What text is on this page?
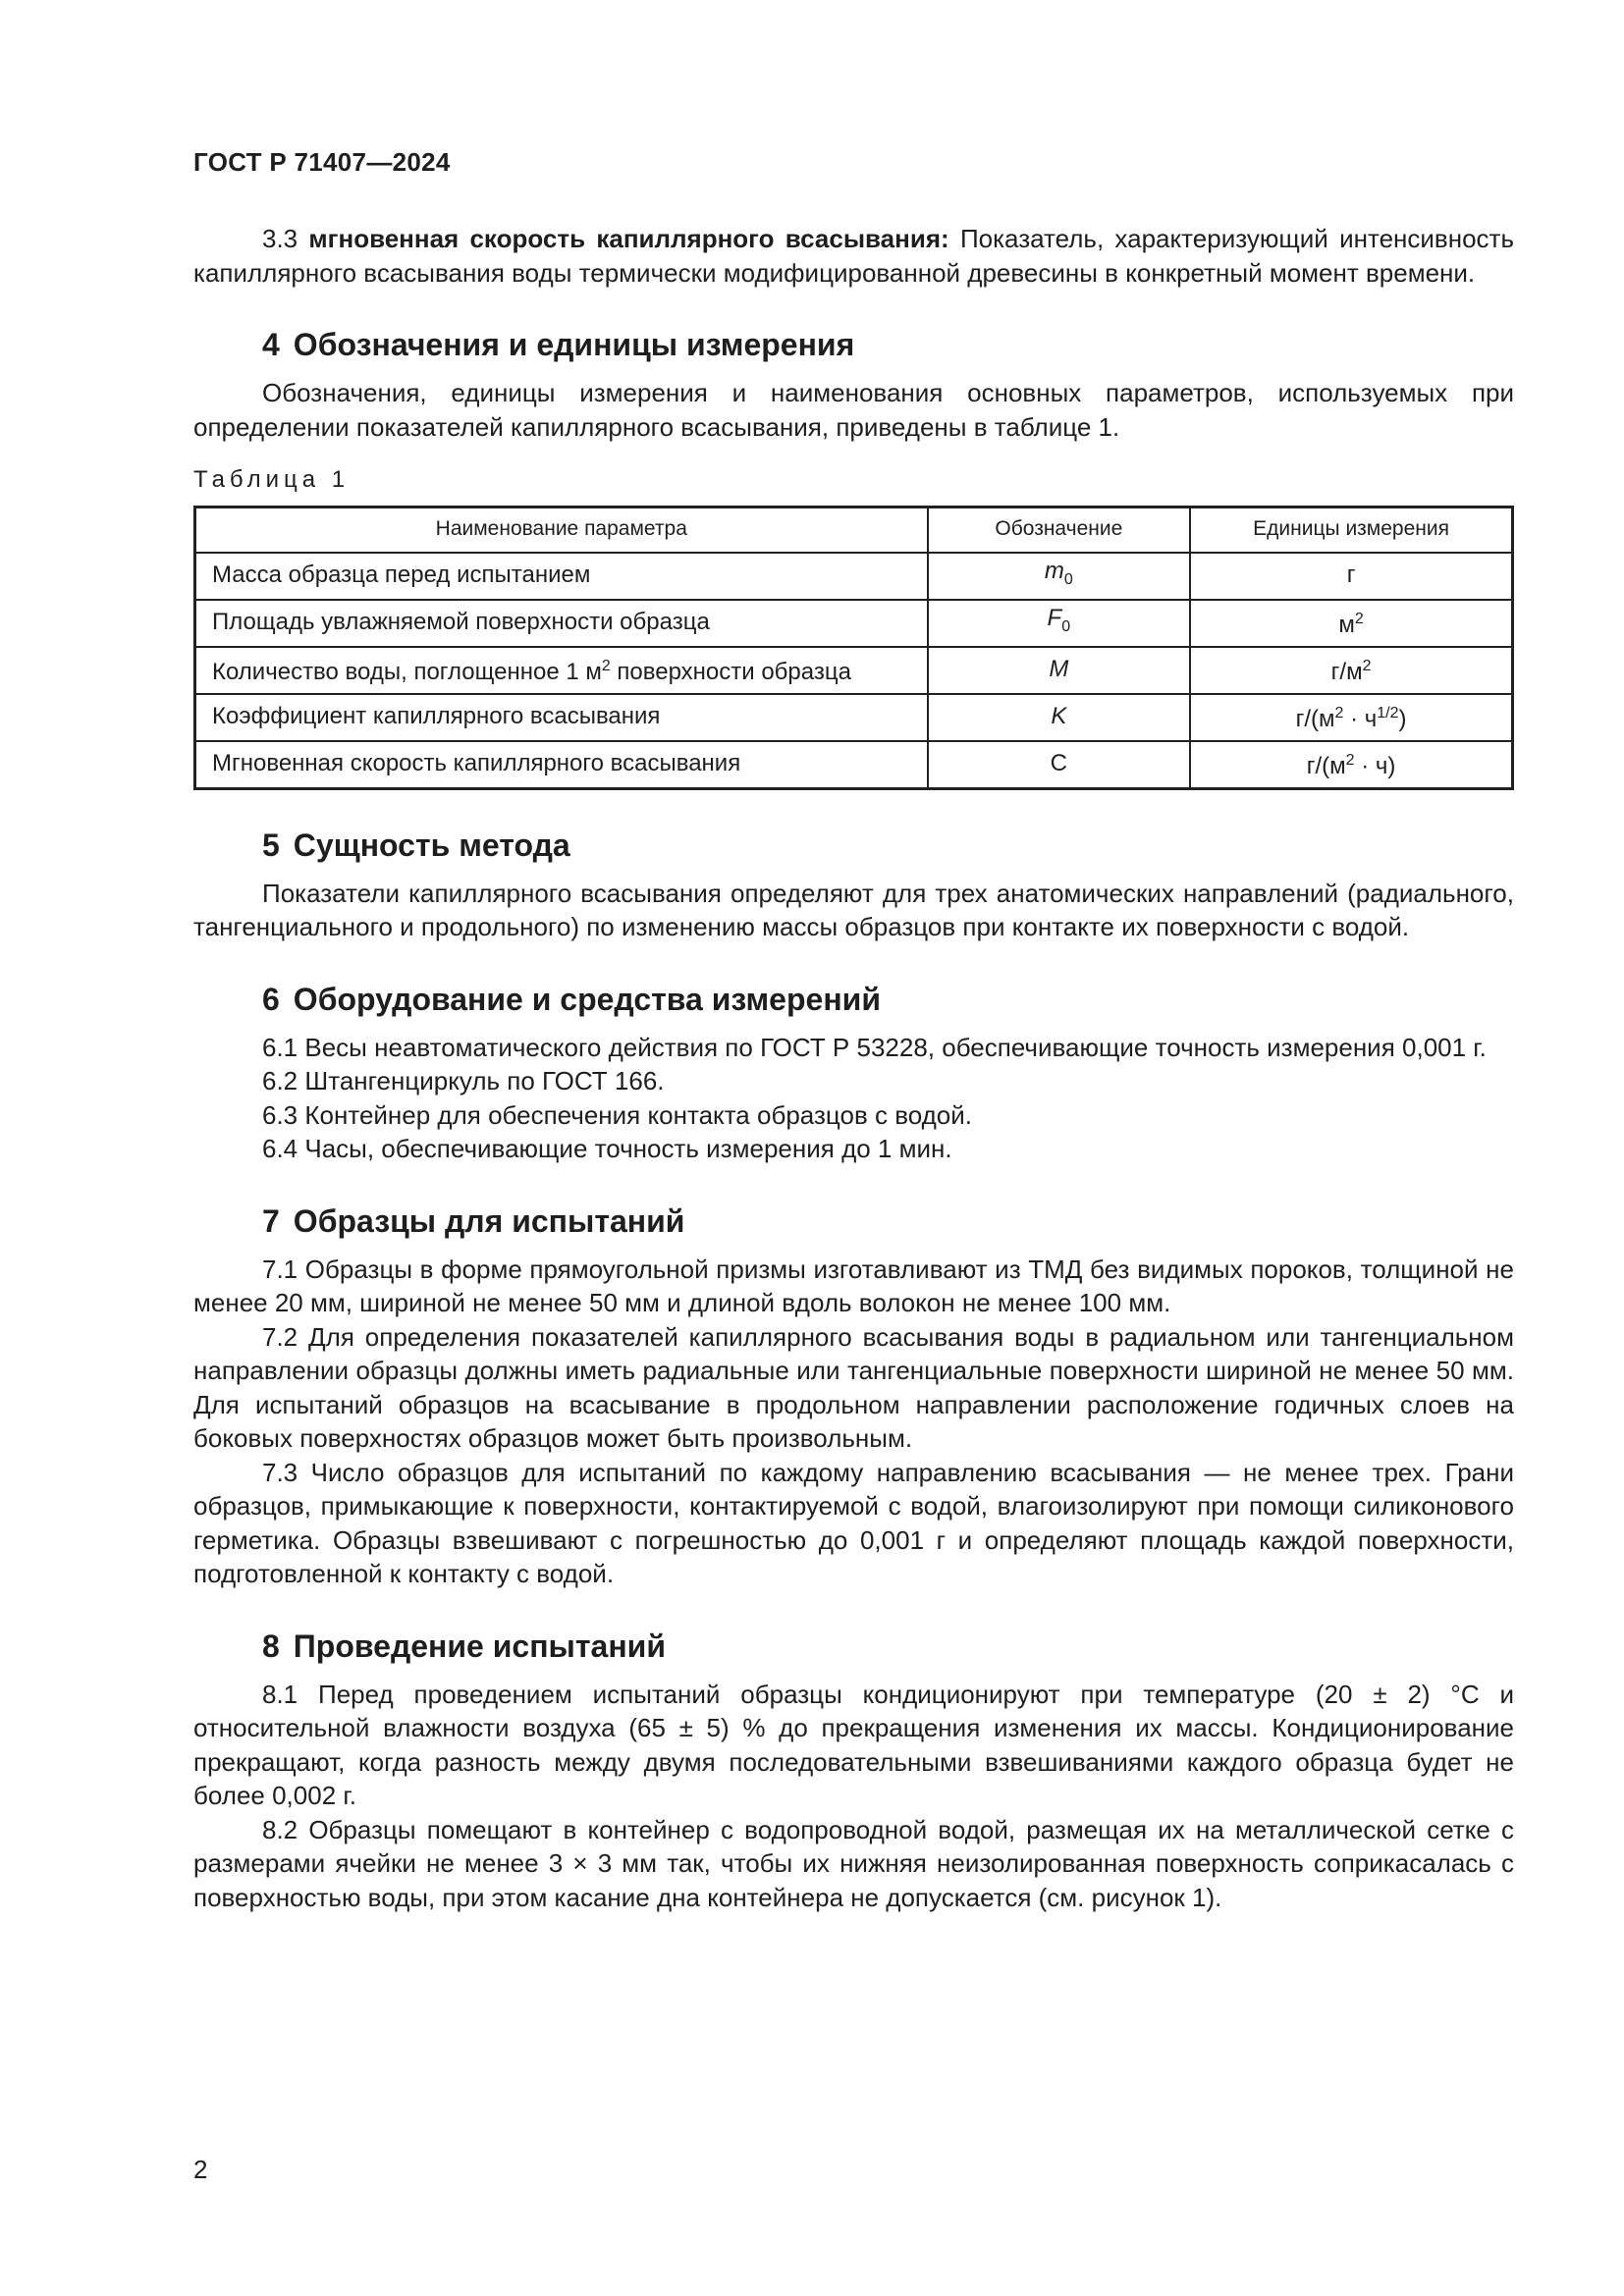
ГОСТ Р 71407—2024

3.3 мгновенная скорость капиллярного всасывания: Показатель, характеризующий интенсивность капиллярного всасывания воды термически модифицированной древесины в конкретный момент времени.

4 Обозначения и единицы измерения

Обозначения, единицы измерения и наименования основных параметров, используемых при определении показателей капиллярного всасывания, приведены в таблице 1.

Таблица 1
Наименование параметра	Обозначение	Единицы измерения
Масса образца перед испытанием	$m_0$	г
Площадь увлажняемой поверхности образца	$F_0$	$м^2$
Количество воды, поглощенное 1 $м^2$ поверхности образца	M	$г/м^2$
Коэффициент капиллярного всасывания	K	$г/(м^2 \cdot ч^{1/2})$
Мгновенная скорость капиллярного всасывания	C	$г/(м^2 \cdot ч)$
5 Сущность метода

Показатели капиллярного всасывания определяют для трех анатомических направлений (радиального, тангенциального и продольного) по изменению массы образцов при контакте их поверхности с водой.

6 Оборудование и средства измерений

6.1 Весы неавтоматического действия по ГОСТ Р 53228, обеспечивающие точность измерения 0,001 г.

6.2 Штангенциркуль по ГОСТ 166.

6.3 Контейнер для обеспечения контакта образцов с водой.

6.4 Часы, обеспечивающие точность измерения до 1 мин.

7 Образцы для испытаний

7.1 Образцы в форме прямоугольной призмы изготавливают из ТМД без видимых пороков, толщиной не менее 20 мм, шириной не менее 50 мм и длиной вдоль волокон не менее 100 мм.

7.2 Для определения показателей капиллярного всасывания воды в радиальном или тангенциальном направлении образцы должны иметь радиальные или тангенциальные поверхности шириной не менее 50 мм. Для испытаний образцов на всасывание в продольном направлении расположение годичных слоев на боковых поверхностях образцов может быть произвольным.

7.3 Число образцов для испытаний по каждому направлению всасывания — не менее трех. Грани образцов, примыкающие к поверхности, контактируемой с водой, влагоизолируют при помощи силиконового герметика. Образцы взвешивают с погрешностью до 0,001 г и определяют площадь каждой поверхности, подготовленной к контакту с водой.

8 Проведение испытаний

8.1 Перед проведением испытаний образцы кондиционируют при температуре (20 ± 2) °С и относительной влажности воздуха (65 ± 5) % до прекращения изменения их массы. Кондиционирование прекращают, когда разность между двумя последовательными взвешиваниями каждого образца будет не более 0,002 г.

8.2 Образцы помещают в контейнер с водопроводной водой, размещая их на металлической сетке с размерами ячейки не менее 3 × 3 мм так, чтобы их нижняя неизолированная поверхность соприкасалась с поверхностью воды, при этом касание дна контейнера не допускается (см. рисунок 1).

2
